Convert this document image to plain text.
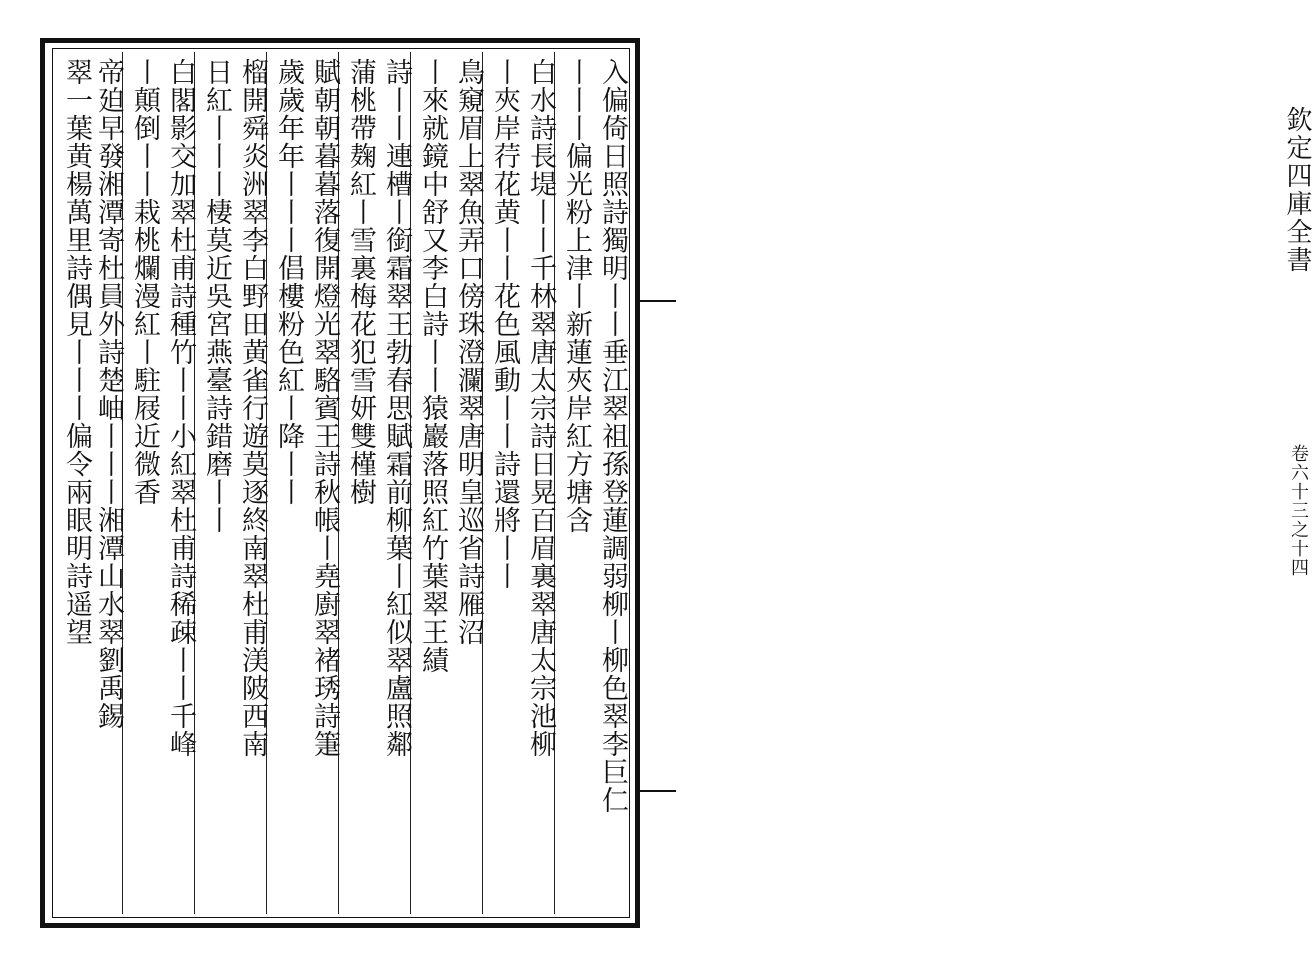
欽定四庫全書
卷六十三之十四
入偏倚日照詩獨明丨丨垂江翠祖孫登蓮調弱柳丨柳色翠李巨仁
丨丨丨偏光粉上津丨新蓮夾岸紅方塘含
白水詩長堤丨丨千林翠唐太宗詩日晃百眉裏翠唐太宗池柳
丨夾岸荇花黄丨丨花色風動丨丨詩還將丨丨
鳥窺眉上翠魚弄口傍珠澄瀾翠唐明皇巡省詩雁沼
丨來就鏡中舒又李白詩丨丨猿巖落照紅竹葉翠王績
詩丨丨連槽丨銜霜翠王勃春思賦霜前柳葉丨紅似翠盧照鄰
蒲桃帶麹紅丨雪裏梅花犯雪妍雙槿樹
賦朝朝暮暮落復開燈光翠駱賓王詩秋帳丨堯廚翠褚琇詩箑
歲歲年年丨丨丨倡樓粉色紅丨降丨丨
榴開舜炎洲翠李白野田黄雀行遊莫逐終南翠杜甫渼陂西南
日紅丨丨丨棲莫近吳宮燕臺詩錯磨丨丨
白閣影交加翠杜甫詩種竹丨丨小紅翠杜甫詩稀疎丨丨千峰
丨顛倒丨丨栽桃爛漫紅丨駐屐近微香
帝廹早發湘潭寄杜員外詩楚岫丨丨丨湘潭山水翠劉禹錫
翠一葉黄楊萬里詩偶見丨丨丨偏令兩眼明詩遥望
